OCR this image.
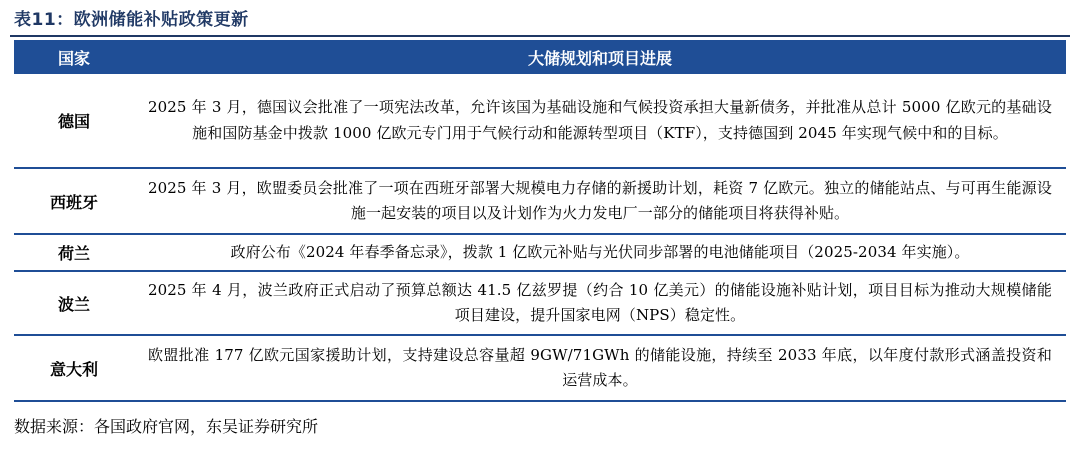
表11：欧洲储能补贴政策更新
国家	大储规划和项目进展
德国	2025 年 3 月，德国议会批准了一项宪法改革，允许该国为基础设施和气候投资承担大量新债务，并批准从总计 5000 亿欧元的基础设施和国防基金中拨款 1000 亿欧元专门用于气候行动和能源转型项目（KTF），支持德国到 2045 年实现气候中和的目标。
西班牙	2025 年 3 月，欧盟委员会批准了一项在西班牙部署大规模电力存储的新援助计划，耗资 7 亿欧元。独立的储能站点、与可再生能源设施一起安装的项目以及计划作为火力发电厂一部分的储能项目将获得补贴。
荷兰	政府公布《2024 年春季备忘录》，拨款 1 亿欧元补贴与光伏同步部署的电池储能项目（2025-2034 年实施）。
波兰	2025 年 4 月，波兰政府正式启动了预算总额达 41.5 亿兹罗提（约合 10 亿美元）的储能设施补贴计划，项目目标为推动大规模储能项目建设，提升国家电网（NPS）稳定性。
意大利	欧盟批准 177 亿欧元国家援助计划，支持建设总容量超 9GW/71GWh 的储能设施，持续至 2033 年底，以年度付款形式涵盖投资和运营成本。
数据来源：各国政府官网，东吴证券研究所
